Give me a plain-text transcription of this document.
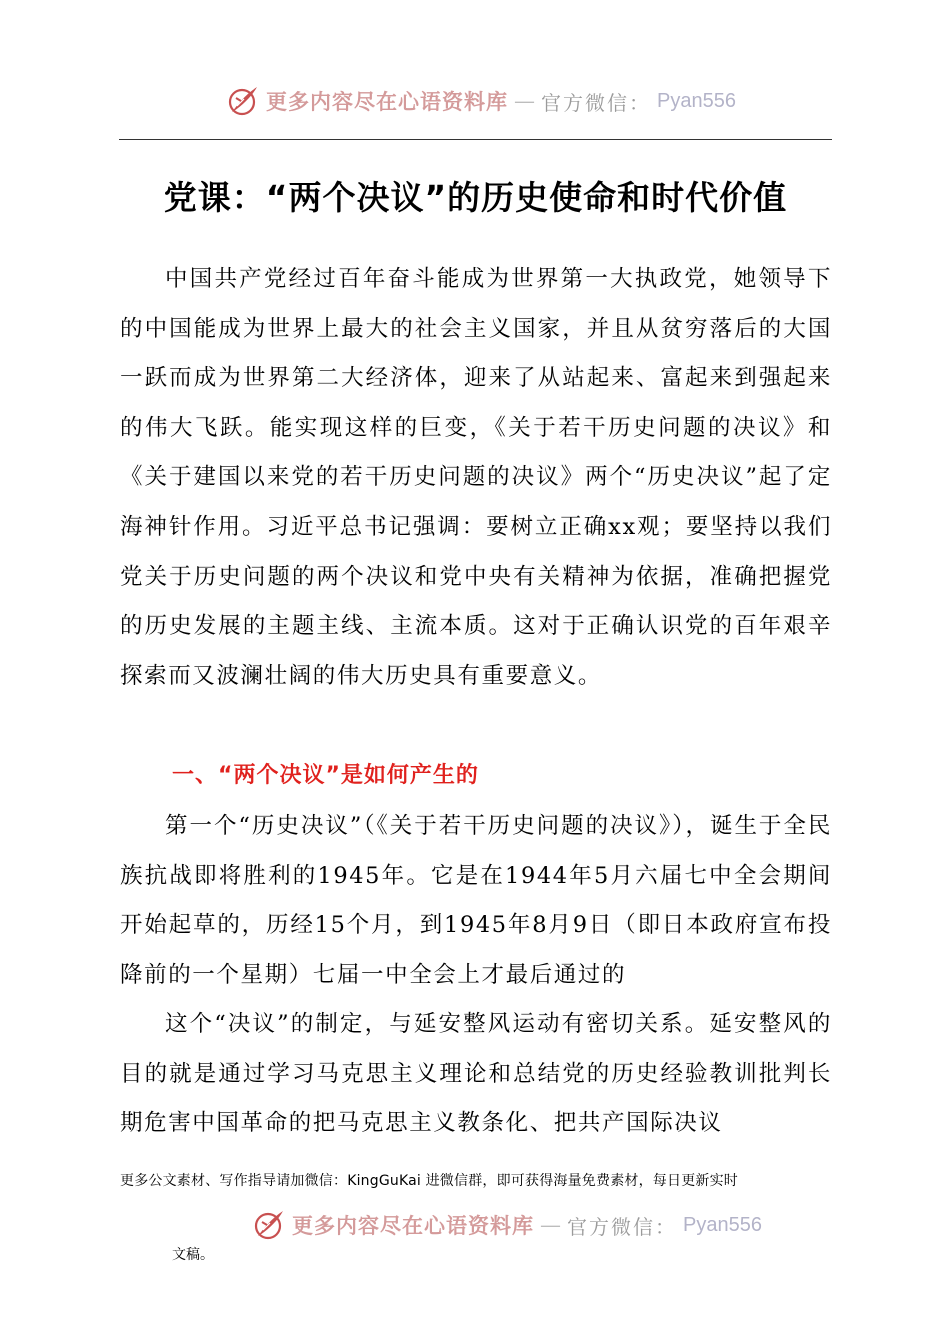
更多内容尽在心语资料库 — 官方微信： Pyan556
党课：“两个决议”的历史使命和时代价值

中国共产党经过百年奋斗能成为世界第一大执政党，她领导下的中国能成为世界上最大的社会主义国家，并且从贫穷落后的大国一跃而成为世界第二大经济体，迎来了从站起来、富起来到强起来的伟大飞跃。能实现这样的巨变，《关于若干历史问题的决议》和《关于建国以来党的若干历史问题的决议》两个“历史决议”起了定海神针作用。习近平总书记强调：要树立正确xx观；要坚持以我们党关于历史问题的两个决议和党中央有关精神为依据，准确把握党的历史发展的主题主线、主流本质。这对于正确认识党的百年艰辛探索而又波澜壮阔的伟大历史具有重要意义。

一、“两个决议”是如何产生的

第一个“历史决议”（《关于若干历史问题的决议》），诞生于全民族抗战即将胜利的1945年。它是在1944年5月六届七中全会期间开始起草的，历经15个月，到1945年8月9日（即日本政府宣布投降前的一个星期）七届一中全会上才最后通过的

这个“决议”的制定，与延安整风运动有密切关系。延安整风的目的就是通过学习马克思主义理论和总结党的历史经验教训批判长期危害中国革命的把马克思主义教条化、把共产国际决议

更多公文素材、写作指导请加微信：KingGuKai 进微信群，即可获得海量免费素材，每日更新实时
更多内容尽在心语资料库 — 官方微信： Pyan556
文稿。
